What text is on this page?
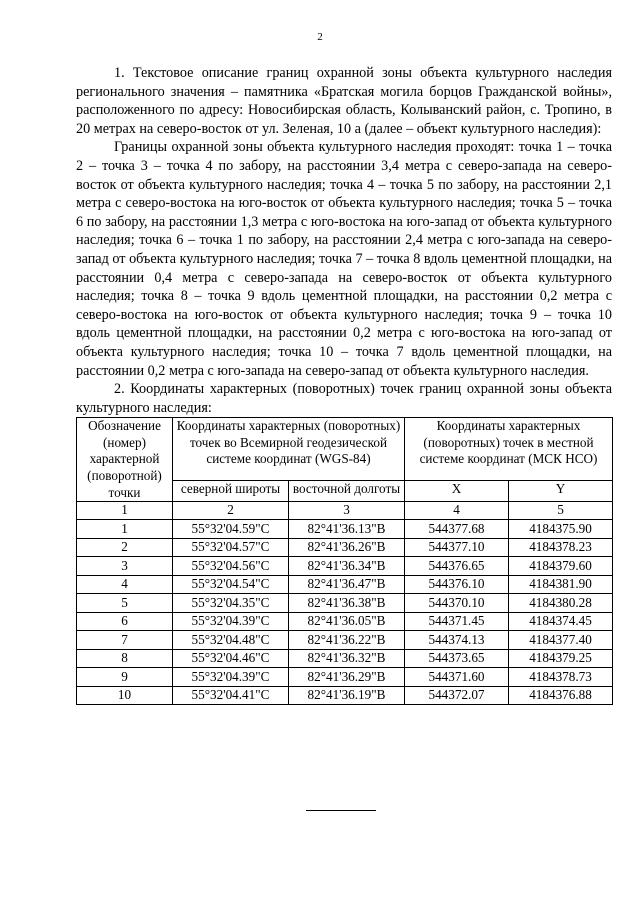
2

1. Текстовое описание границ охранной зоны объекта культурного наследия регионального значения – памятника «Братская могила борцов Гражданской войны», расположенного по адресу: Новосибирская область, Колыванский район, с. Тропино, в 20 метрах на северо-восток от ул. Зеленая, 10 а (далее – объект культурного наследия):

Границы охранной зоны объекта культурного наследия проходят: точка 1 – точка 2 – точка 3 – точка 4 по забору, на расстоянии 3,4 метра с северо-запада на северо-восток от объекта культурного наследия; точка 4 – точка 5 по забору, на расстоянии 2,1 метра с северо-востока на юго-восток от объекта культурного наследия; точка 5 – точка 6 по забору, на расстоянии 1,3 метра с юго-востока на юго-запад от объекта культурного наследия; точка 6 – точка 1 по забору, на расстоянии 2,4 метра с юго-запада на северо-запад от объекта культурного наследия; точка 7 – точка 8 вдоль цементной площадки, на расстоянии 0,4 метра с северо-запада на северо-восток от объекта культурного наследия; точка 8 – точка 9 вдоль цементной площадки, на расстоянии 0,2 метра с северо-востока на юго-восток от объекта культурного наследия; точка 9 – точка 10 вдоль цементной площадки, на расстоянии 0,2 метра с юго-востока на юго-запад от объекта культурного наследия; точка 10 – точка 7 вдоль цементной площадки, на расстоянии 0,2 метра с юго-запада на северо-запад от объекта культурного наследия.

2. Координаты характерных (поворотных) точек границ охранной зоны объекта культурного наследия:

Обозначение (номер) характерной (поворотной) точки	Координаты характерных (поворотных) точек во Всемирной геодезической системе координат (WGS-84)		Координаты характерных (поворотных) точек в местной системе координат (МСК НСО)	
	северной широты	восточной долготы	X	Y
1	2	3	4	5
1	55°32'04.59"С	82°41'36.13"В	544377.68	4184375.90
2	55°32'04.57"С	82°41'36.26"В	544377.10	4184378.23
3	55°32'04.56"С	82°41'36.34"В	544376.65	4184379.60
4	55°32'04.54"С	82°41'36.47"В	544376.10	4184381.90
5	55°32'04.35"С	82°41'36.38"В	544370.10	4184380.28
6	55°32'04.39"С	82°41'36.05"В	544371.45	4184374.45
7	55°32'04.48"С	82°41'36.22"В	544374.13	4184377.40
8	55°32'04.46"С	82°41'36.32"В	544373.65	4184379.25
9	55°32'04.39"С	82°41'36.29"В	544371.60	4184378.73
10	55°32'04.41"С	82°41'36.19"В	544372.07	4184376.88
